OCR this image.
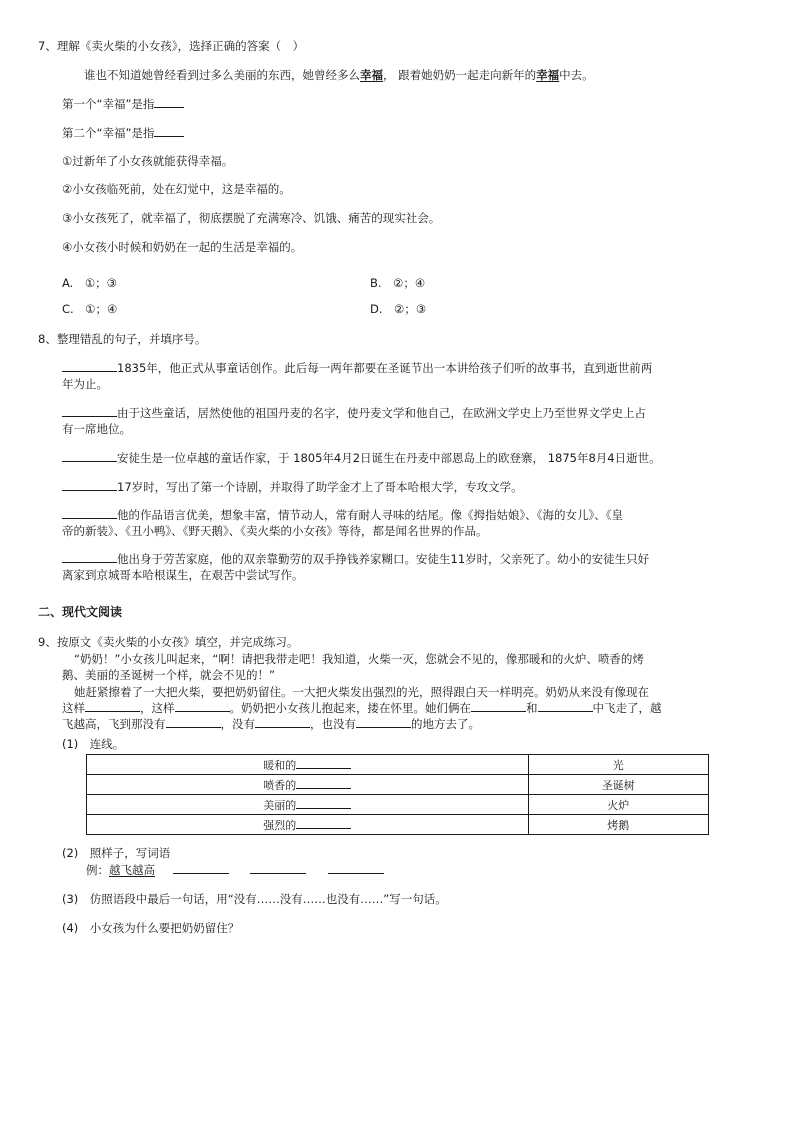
7、理解《卖火柴的小女孩》，选择正确的答案（　）
谁也不知道她曾经看到过多么美丽的东西，她曾经多么幸福， 跟着她奶奶一起走向新年的幸福中去。
第一个“幸福”是指
第二个“幸福”是指
①过新年了小女孩就能获得幸福。
②小女孩临死前，处在幻觉中，这是幸福的。
③小女孩死了，就幸福了，彻底摆脱了充满寒冷、饥饿、痛苦的现实社会。
④小女孩小时候和奶奶在一起的生活是幸福的。
A.　①；③	B.　②；④
C.　①；④	D.　②；③
8、整理错乱的句子，并填序号。
1835年，他正式从事童话创作。此后每一两年都要在圣诞节出一本讲给孩子们听的故事书，直到逝世前两
年为止。
由于这些童话，居然使他的祖国丹麦的名字，使丹麦文学和他自己，在欧洲文学史上乃至世界文学史上占
有一席地位。
安徒生是一位卓越的童话作家，于 1805年4月2日诞生在丹麦中部恩岛上的欧登寨， 1875年8月4日逝世。
17岁时，写出了第一个诗剧，并取得了助学金才上了哥本哈根大学，专攻文学。
他的作品语言优美，想象丰富，情节动人，常有耐人寻味的结尾。像《拇指姑娘》、《海的女儿》、《皇
帝的新装》、《丑小鸭》、《野天鹅》、《卖火柴的小女孩》等待，都是闻名世界的作品。
他出身于劳苦家庭，他的双亲靠勤劳的双手挣钱养家糊口。安徒生11岁时，父亲死了。幼小的安徒生只好
离家到京城哥本哈根谋生，在艰苦中尝试写作。
二、现代文阅读
9、按原文《卖火柴的小女孩》填空，并完成练习。
“奶奶！”小女孩儿叫起来，“啊！请把我带走吧！我知道，火柴一灭，您就会不见的，像那暖和的火炉、喷香的烤
鹅、美丽的圣诞树一个样，就会不见的！”
她赶紧擦着了一大把火柴，要把奶奶留住。一大把火柴发出强烈的光，照得跟白天一样明亮。奶奶从来没有像现在
这样	，这样	。奶奶把小女孩儿抱起来，搂在怀里。她们俩在	和	中飞走了，越
飞越高，飞到那没有	，没有	，也没有	的地方去了。
(1)　连线。
暖和的	光
喷香的	圣诞树
美丽的	火炉
强烈的	烤鹅
(2)　照样子，写词语
例：越飞越高
(3)　仿照语段中最后一句话，用“没有……没有……也没有……”写一句话。
(4)　小女孩为什么要把奶奶留住？
